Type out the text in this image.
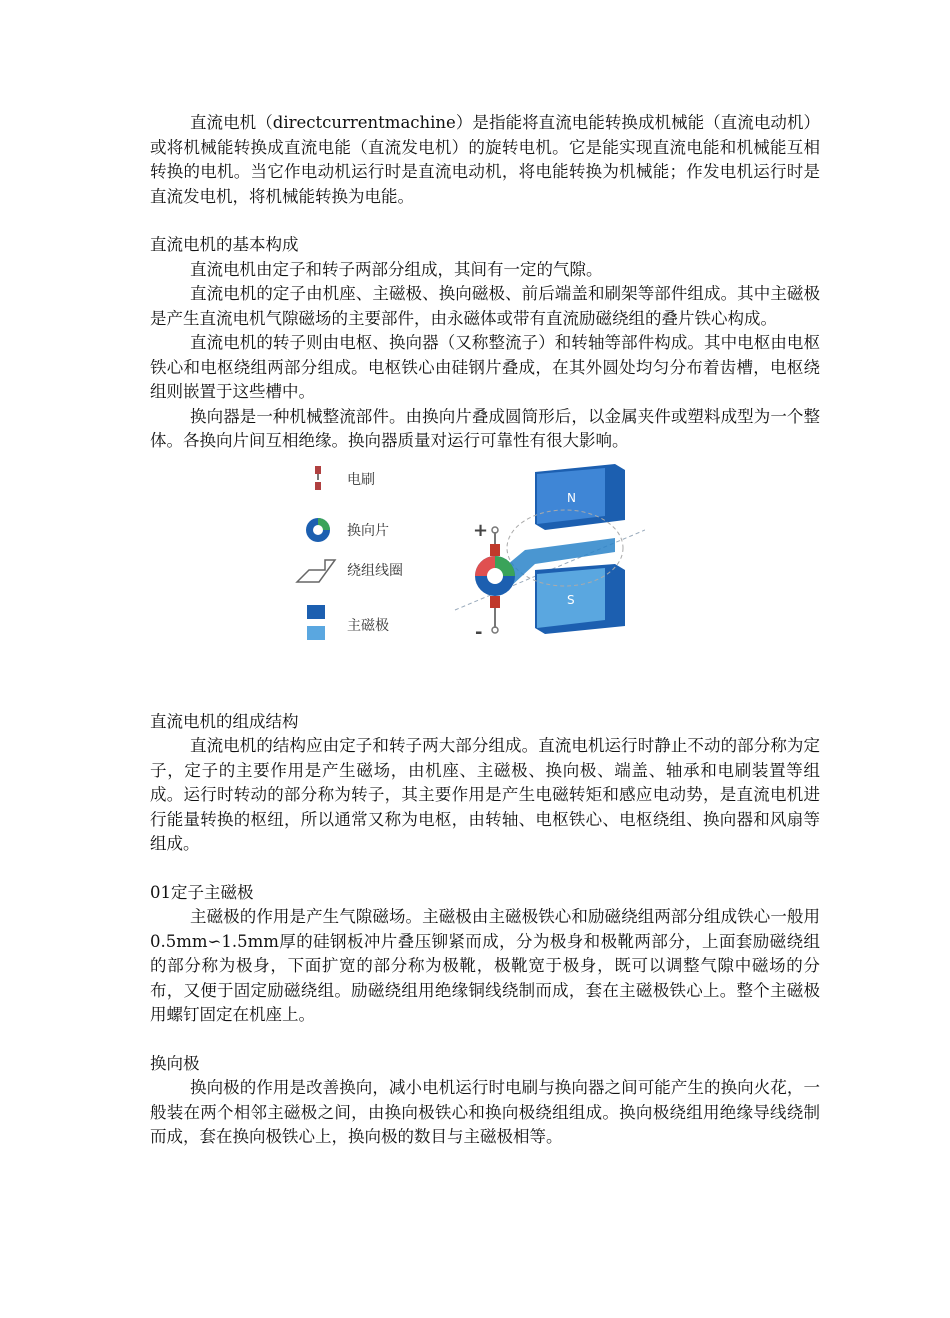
直流电机（directcurrentmachine）是指能将直流电能转换成机械能（直流电动机）或将机械能转换成直流电能（直流发电机）的旋转电机。它是能实现直流电能和机械能互相转换的电机。当它作电动机运行时是直流电动机，将电能转换为机械能；作发电机运行时是直流发电机，将机械能转换为电能。

直流电机的基本构成

直流电机由定子和转子两部分组成，其间有一定的气隙。

直流电机的定子由机座、主磁极、换向磁极、前后端盖和刷架等部件组成。其中主磁极是产生直流电机气隙磁场的主要部件，由永磁体或带有直流励磁绕组的叠片铁心构成。

直流电机的转子则由电枢、换向器（又称整流子）和转轴等部件构成。其中电枢由电枢铁心和电枢绕组两部分组成。电枢铁心由硅钢片叠成，在其外圆处均匀分布着齿槽，电枢绕组则嵌置于这些槽中。

换向器是一种机械整流部件。由换向片叠成圆筒形后，以金属夹件或塑料成型为一个整体。各换向片间互相绝缘。换向器质量对运行可靠性有很大影响。

电刷
换向片
绕组线圈
主磁极
N
S
+
-
直流电机的组成结构

直流电机的结构应由定子和转子两大部分组成。直流电机运行时静止不动的部分称为定子，定子的主要作用是产生磁场，由机座、主磁极、换向极、端盖、轴承和电刷装置等组成。运行时转动的部分称为转子，其主要作用是产生电磁转矩和感应电动势，是直流电机进行能量转换的枢纽，所以通常又称为电枢，由转轴、电枢铁心、电枢绕组、换向器和风扇等组成。

01定子主磁极

主磁极的作用是产生气隙磁场。主磁极由主磁极铁心和励磁绕组两部分组成铁心一般用0.5mm∽1.5mm厚的硅钢板冲片叠压铆紧而成，分为极身和极靴两部分，上面套励磁绕组的部分称为极身，下面扩宽的部分称为极靴，极靴宽于极身，既可以调整气隙中磁场的分布，又便于固定励磁绕组。励磁绕组用绝缘铜线绕制而成，套在主磁极铁心上。整个主磁极用螺钉固定在机座上。

换向极

换向极的作用是改善换向，减小电机运行时电刷与换向器之间可能产生的换向火花，一般装在两个相邻主磁极之间，由换向极铁心和换向极绕组组成。换向极绕组用绝缘导线绕制而成，套在换向极铁心上，换向极的数目与主磁极相等。
